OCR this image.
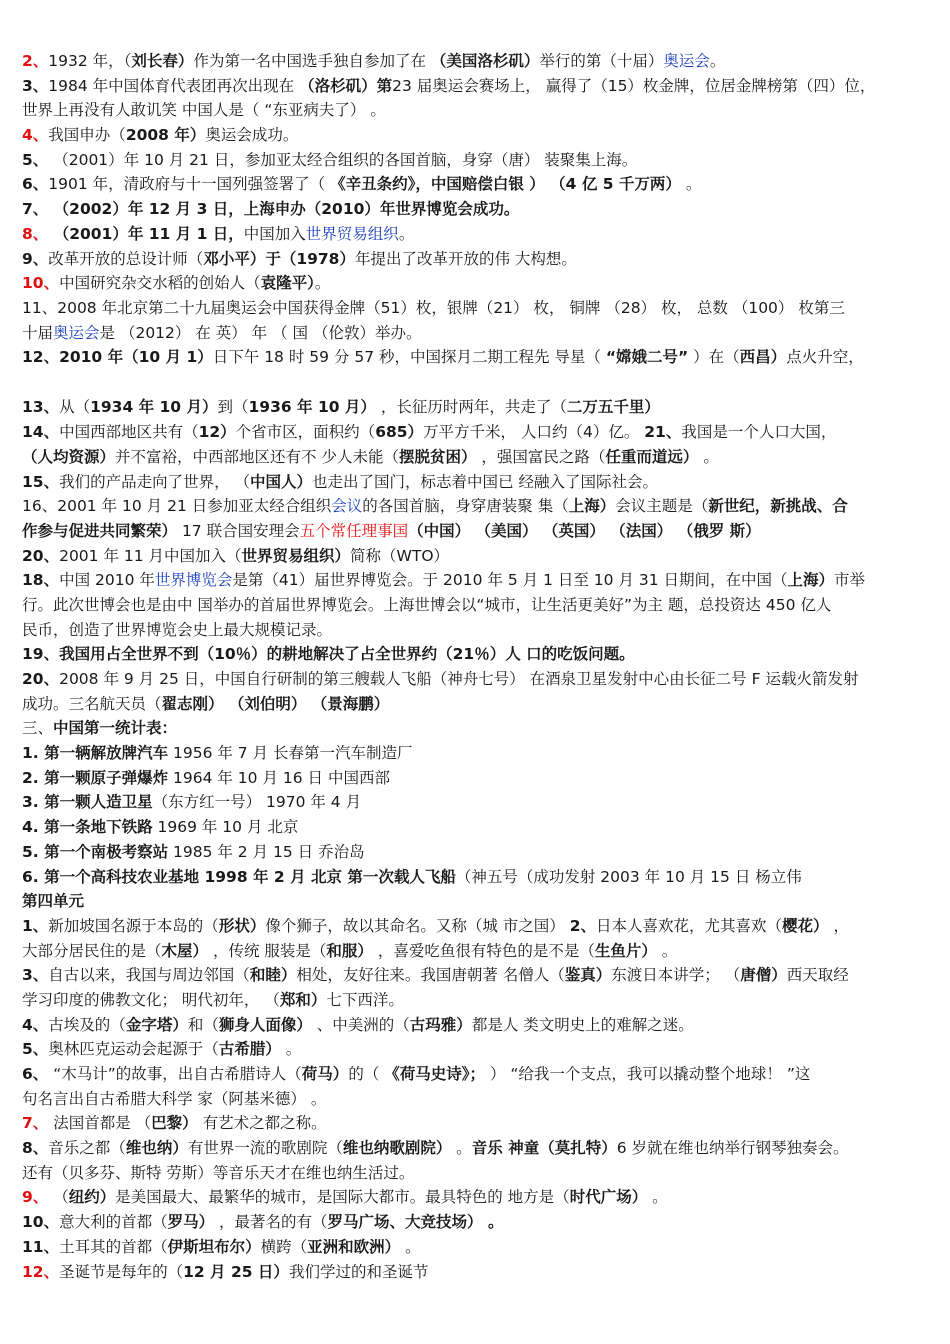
2、1932 年，（刘长春）作为第一名中国选手独自参加了在 （美国洛杉矶）举行的第（十届）奥运会。
3、1984 年中国体育代表团再次出现在 （洛杉矶）第23 届奥运会赛场上， 赢得了（15）枚金牌，位居金牌榜第（四）位，
世界上再没有人敢讥笑 中国人是（ “东亚病夫了） 。
4、我国申办（2008 年）奥运会成功。
5、 （2001）年 10 月 21 日，参加亚太经合组织的各国首脑，身穿（唐） 装聚集上海。
6、1901 年，清政府与十一国列强签署了（ 《辛丑条约》，中国赔偿白银 ） （4 亿 5 千万两） 。
7、 （2002）年 12 月 3 日，上海申办（2010）年世界博览会成功。
8、 （2001）年 11 月 1 日，中国加入世界贸易组织。
9、改革开放的总设计师（邓小平）于（1978）年提出了改革开放的伟 大构想。
10、中国研究杂交水稻的创始人（袁隆平）。
11、2008 年北京第二十九届奥运会中国获得金牌（51）枚，银牌（21） 枚， 铜牌 （28） 枚， 总数 （100） 枚第三
十届奥运会是 （2012） 在 英） 年 （ 国 （伦敦）举办。
12、2010 年（10 月 1）日下午 18 时 59 分 57 秒，中国探月二期工程先 导星（ “嫦娥二号” ）在（西昌）点火升空，
13、从（1934 年 10 月）到（1936 年 10 月） ，长征历时两年，共走了（二万五千里）
14、中国西部地区共有（12）个省市区，面积约（685）万平方千米， 人口约（4）亿。 21、我国是一个人口大国，
（人均资源）并不富裕，中西部地区还有不 少人未能（摆脱贫困） ，强国富民之路（任重而道远） 。
15、我们的产品走向了世界， （中国人）也走出了国门，标志着中国已 经融入了国际社会。
16、2001 年 10 月 21 日参加亚太经合组织会议的各国首脑，身穿唐装聚 集（上海）会议主题是（新世纪，新挑战、合
作参与促进共同繁荣） 17 联合国安理会五个常任理事国（中国） （美国） （英国） （法国） （俄罗 斯）
20、2001 年 11 月中国加入（世界贸易组织）简称（WTO）
18、中国 2010 年世界博览会是第（41）届世界博览会。于 2010 年 5 月 1 日至 10 月 31 日期间，在中国（上海）市举
行。此次世博会也是由中 国举办的首届世界博览会。上海世博会以“城市，让生活更美好”为主 题，总投资达 450 亿人
民币，创造了世界博览会史上最大规模记录。
19、我国用占全世界不到（10％）的耕地解决了占全世界约（21％）人 口的吃饭问题。
20、2008 年 9 月 25 日，中国自行研制的第三艘载人飞船（神舟七号） 在酒泉卫星发射中心由长征二号 F 运载火箭发射
成功。三名航天员（翟志刚） （刘伯明） （景海鹏）
三、中国第一统计表：
1. 第一辆解放牌汽车 1956 年 7 月 长春第一汽车制造厂
2. 第一颗原子弹爆炸 1964 年 10 月 16 日 中国西部
3. 第一颗人造卫星（东方红一号） 1970 年 4 月
4. 第一条地下铁路 1969 年 10 月 北京
5. 第一个南极考察站 1985 年 2 月 15 日 乔治岛
6. 第一个高科技农业基地 1998 年 2 月 北京 第一次载人飞船（神五号（成功发射 2003 年 10 月 15 日 杨立伟
第四单元
1、新加坡国名源于本岛的（形状）像个狮子，故以其命名。又称（城 市之国） 2、日本人喜欢花，尤其喜欢（樱花） ，
大部分居民住的是（木屋） ，传统 服装是（和服） ，喜爱吃鱼很有特色的是不是（生鱼片） 。
3、自古以来，我国与周边邻国（和睦）相处，友好往来。我国唐朝著 名僧人（鉴真）东渡日本讲学； （唐僧）西天取经
学习印度的佛教文化； 明代初年， （郑和）七下西洋。
4、古埃及的（金字塔）和（狮身人面像） 、中美洲的（古玛雅）都是人 类文明史上的难解之迷。
5、奥林匹克运动会起源于（古希腊） 。
6、 “木马计”的故事，出自古希腊诗人（荷马）的（ 《荷马史诗》； ） “给我一个支点，我可以撬动整个地球！ ”这
句名言出自古希腊大科学 家（阿基米德） 。
7、 法国首都是 （巴黎） 有艺术之都之称。
8、音乐之都（维也纳）有世界一流的歌剧院（维也纳歌剧院） 。音乐 神童（莫扎特）6 岁就在维也纳举行钢琴独奏会。
还有（贝多芬、斯特 劳斯）等音乐天才在维也纳生活过。
9、 （纽约）是美国最大、最繁华的城市，是国际大都市。最具特色的 地方是（时代广场） 。
10、意大利的首都（罗马） ，最著名的有（罗马广场、大竞技场） 。
11、土耳其的首都（伊斯坦布尔）横跨（亚洲和欧洲） 。
12、圣诞节是每年的（12 月 25 日）我们学过的和圣诞节
